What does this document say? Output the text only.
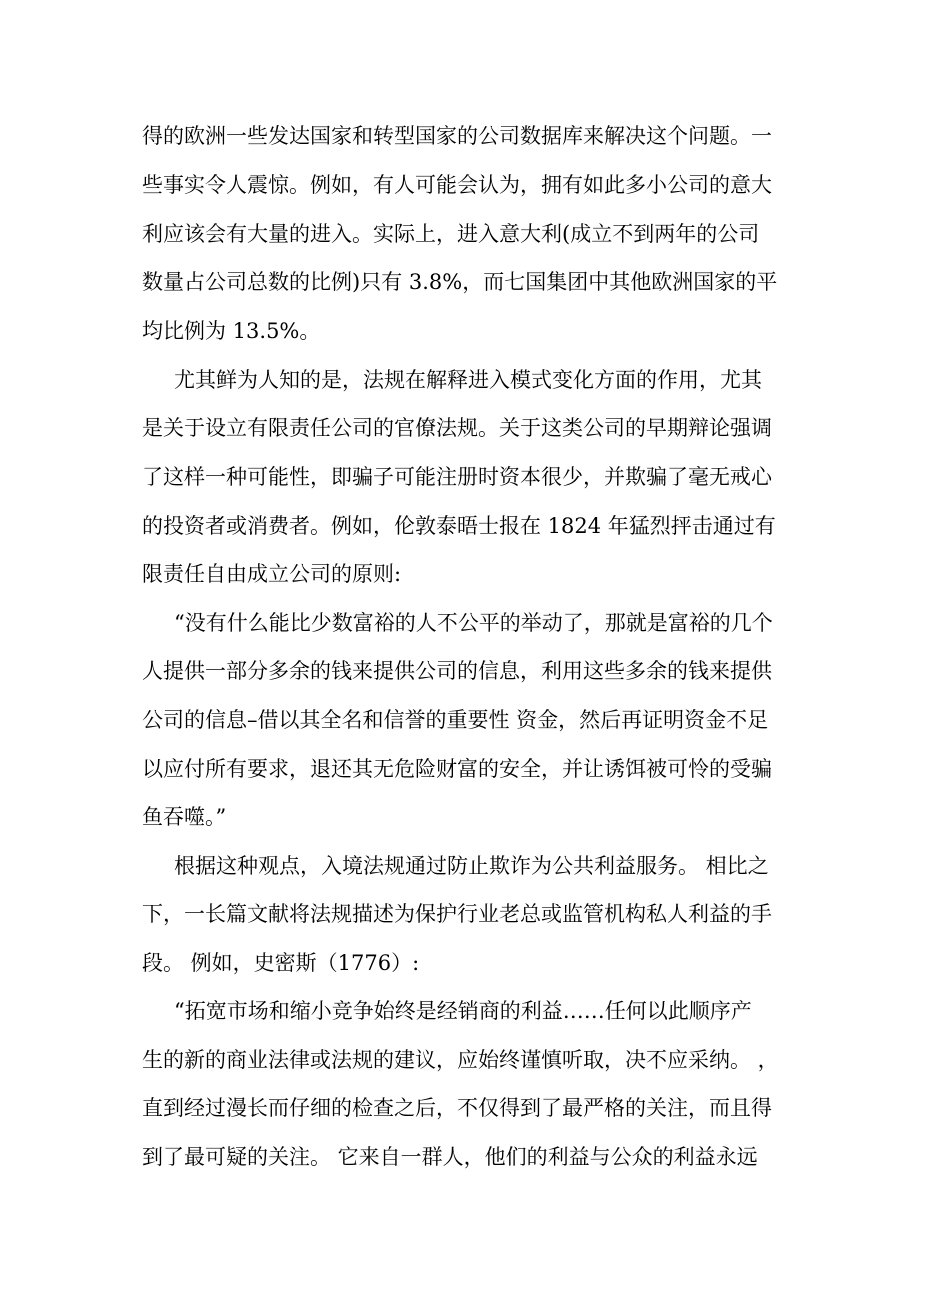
得的欧洲一些发达国家和转型国家的公司数据库来解决这个问题。一
些事实令人震惊。例如，有人可能会认为，拥有如此多小公司的意大
利应该会有大量的进入。实际上，进入意大利(成立不到两年的公司
数量占公司总数的比例)只有 3.8%，而七国集团中其他欧洲国家的平
均比例为 13.5%。
尤其鲜为人知的是，法规在解释进入模式变化方面的作用，尤其
是关于设立有限责任公司的官僚法规。关于这类公司的早期辩论强调
了这样一种可能性，即骗子可能注册时资本很少，并欺骗了毫无戒心
的投资者或消费者。例如，伦敦泰晤士报在 1824 年猛烈抨击通过有
限责任自由成立公司的原则:
“没有什么能比少数富裕的人不公平的举动了，那就是富裕的几个
人提供一部分多余的钱来提供公司的信息，利用这些多余的钱来提供
公司的信息–借以其全名和信誉的重要性 资金，然后再证明资金不足
以应付所有要求，退还其无危险财富的安全，并让诱饵被可怜的受骗
鱼吞噬。”
根据这种观点，入境法规通过防止欺诈为公共利益服务。 相比之
下，一长篇文献将法规描述为保护行业老总或监管机构私人利益的手
段。 例如，史密斯（1776）:
“拓宽市场和缩小竞争始终是经销商的利益……任何以此顺序产
生的新的商业法律或法规的建议，应始终谨慎听取，决不应采纳。 ，
直到经过漫长而仔细的检查之后，不仅得到了最严格的关注，而且得
到了最可疑的关注。 它来自一群人，他们的利益与公众的利益永远
